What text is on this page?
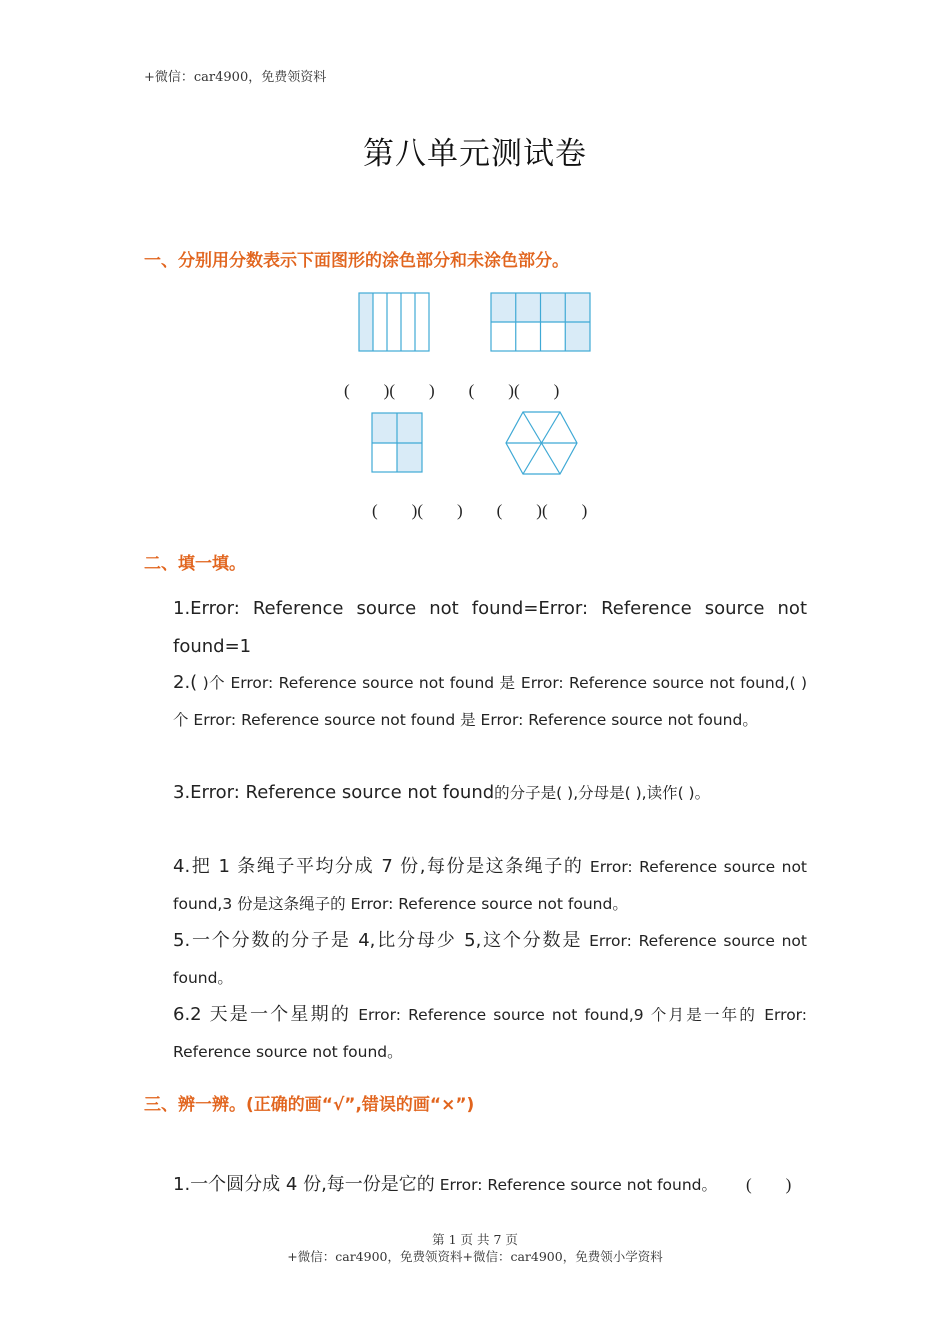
+微信：car4900，免费领资料
第八单元测试卷
一、分别用分数表示下面图形的涂色部分和未涂色部分。
(        )(        )        (        )(        )
(        )(        )        (        )(        )
二、填一填。
1.Error: Reference source not found=Error: Reference source not found=1
2.( )个 Error: Reference source not found 是 Error: Reference source not found,( )个 Error: Reference source not found 是 Error: Reference source not found。
3.Error: Reference source not found的分子是( ),分母是( ),读作( )。
4.把 1 条绳子平均分成 7 份,每份是这条绳子的 Error: Reference source not found,3 份是这条绳子的 Error: Reference source not found。
5.一个分数的分子是 4,比分母少 5,这个分数是 Error: Reference source not found。
6.2 天是一个星期的 Error: Reference source not found,9 个月是一年的 Error: Reference source not found。
三、辨一辨。(正确的画“√”,错误的画“×”)
1.一个圆分成 4 份,每一份是它的 Error: Reference source not found。 (        )
第 1 页 共 7 页
+微信：car4900，免费领资料+微信：car4900，免费领小学资料
